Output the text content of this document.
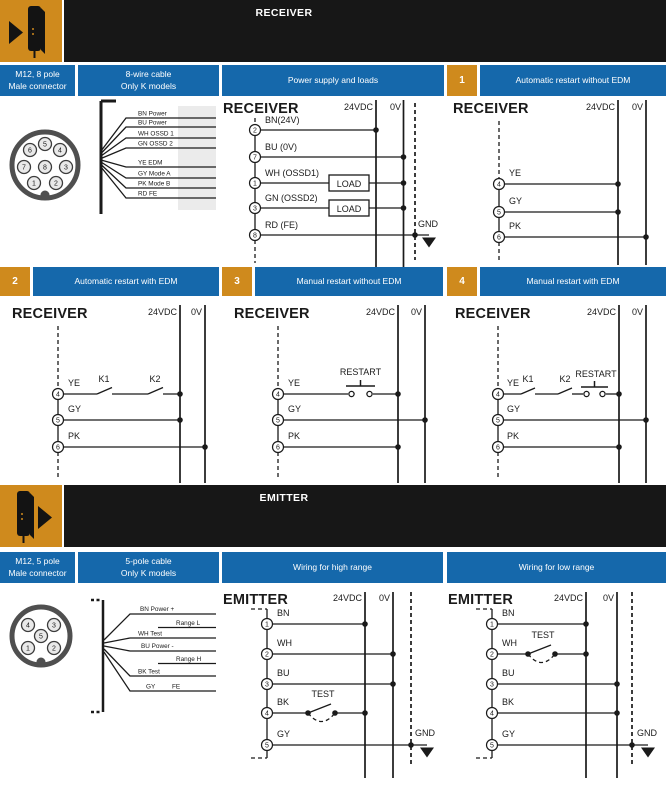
RECEIVER
M12, 8 pole
Male connector
8-wire cable
Only K models
Power supply and loads	1	Automatic restart without EDM
5
6	4
7	3
8
1	2
BN Power
BU Power
WH OSSD 1
GN OSSD 2
YE EDM
GY Mode A
PK Mode B
RD FE
RECEIVER	24VDC 0V
BN(24V)
BU (0V)
WH (OSSD1)
LOAD
GN (OSSD2)
LOAD
RD (FE)	GND
2
7
1
3
8
RECEIVER	24VDC 0V
YE
GY
PK
4
5
6
2	Automatic restart with EDM	3	Manual restart without EDM	4	Manual restart with EDM
RECEIVER	24VDC 0V
YE K1	K2
GY
PK
4
5
6
RECEIVER	24VDC 0V
YE
RESTART
GY
PK
4
5
6
RECEIVER	24VDC 0V
YE K1	K2 RESTART
GY
PK
4
5
6
EMITTER
M12, 5 pole
Male connector
5-pole cable
Only K models
Wiring for high range	Wiring for low range
4	3
5
1	2
BN Power +
Range L
WH Test
BU Power -
Range H
BK Test
GY	FE
EMITTER	24VDC 0V
BN
WH
BU
BK
TEST
GY	GND
1
2
3
4
5
EMITTER	24VDC 0V
BN
WH
TEST
BU
BK
GY	GND
1
2
3
4
5
